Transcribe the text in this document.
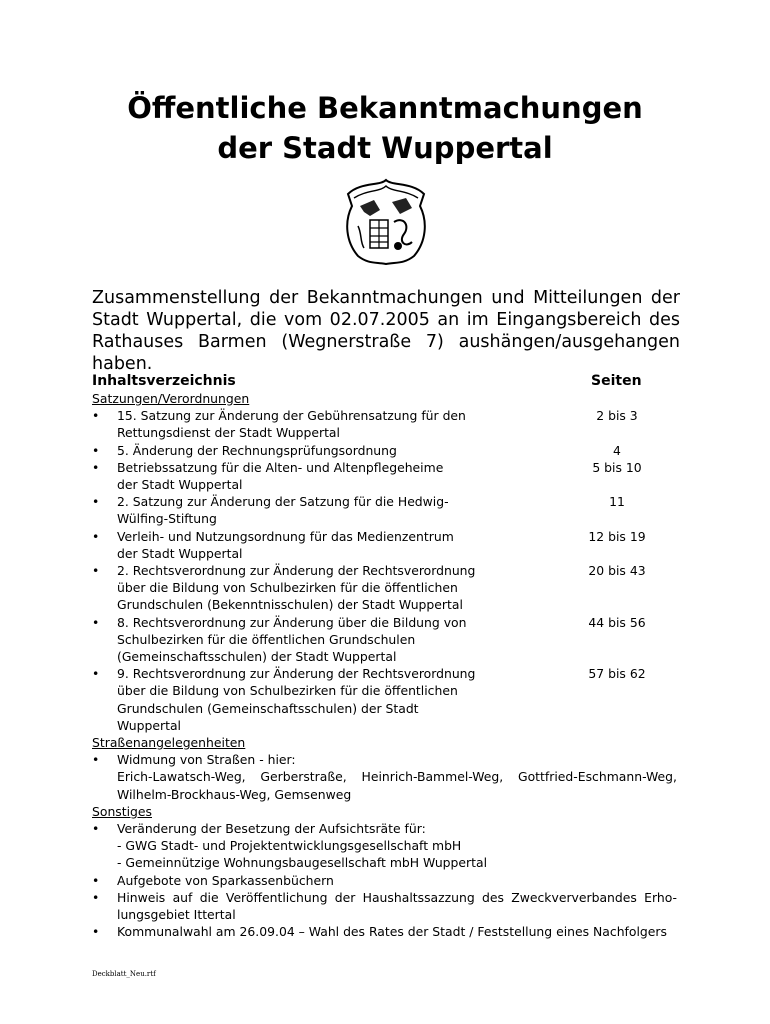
Öffentliche Bekanntmachungen
der Stadt Wuppertal
Zusammenstellung der Bekanntmachungen und Mitteilungen der Stadt Wuppertal, die vom 02.07.2005 an im Eingangsbereich des Rathauses Barmen (Wegnerstraße 7) aushängen/ausgehangen haben.
Inhaltsverzeichnis	Seiten
Satzungen/Verordnungen
•	15. Satzung zur Änderung der Gebührensatzung für den
Rettungsdienst der Stadt Wuppertal
2 bis 3
•	5. Änderung der Rechnungsprüfungsordnung	4
•	Betriebssatzung für die Alten- und Altenpflegeheime
der Stadt Wuppertal
5 bis 10
•	2. Satzung zur Änderung der Satzung für die Hedwig-
Wülfing-Stiftung
11
•	Verleih- und Nutzungsordnung für das Medienzentrum
der Stadt Wuppertal
12 bis 19
•	2. Rechtsverordnung zur Änderung der Rechtsverordnung
über die Bildung von Schulbezirken für die öffentlichen
Grundschulen (Bekenntnisschulen) der Stadt Wuppertal
20 bis 43
•	8. Rechtsverordnung zur Änderung über die Bildung von
Schulbezirken für die öffentlichen Grundschulen
(Gemeinschaftsschulen) der Stadt Wuppertal
44 bis 56
•	9. Rechtsverordnung zur Änderung der Rechtsverordnung
über die Bildung von Schulbezirken für die öffentlichen
Grundschulen (Gemeinschaftsschulen) der Stadt Wuppertal
57 bis 62
Straßenangelegenheiten
•	Widmung von Straßen - hier:
Erich-Lawatsch-Weg, Gerberstraße, Heinrich-Bammel-Weg, Gottfried-Eschmann-Weg,
Wilhelm-Brockhaus-Weg, Gemsenweg
Sonstiges
•	Veränderung der Besetzung der Aufsichtsräte für:
- GWG Stadt- und Projektentwicklungsgesellschaft mbH
- Gemeinnützige Wohnungsbaugesellschaft mbH Wuppertal
•	Aufgebote von Sparkassenbüchern
•	Hinweis auf die Veröffentlichung der Haushaltssazzung des Zweckververbandes Erho-
lungsgebiet Ittertal
•	Kommunalwahl am 26.09.04 – Wahl des Rates der Stadt / Feststellung eines Nachfolgers
Deckblatt_Neu.rtf
